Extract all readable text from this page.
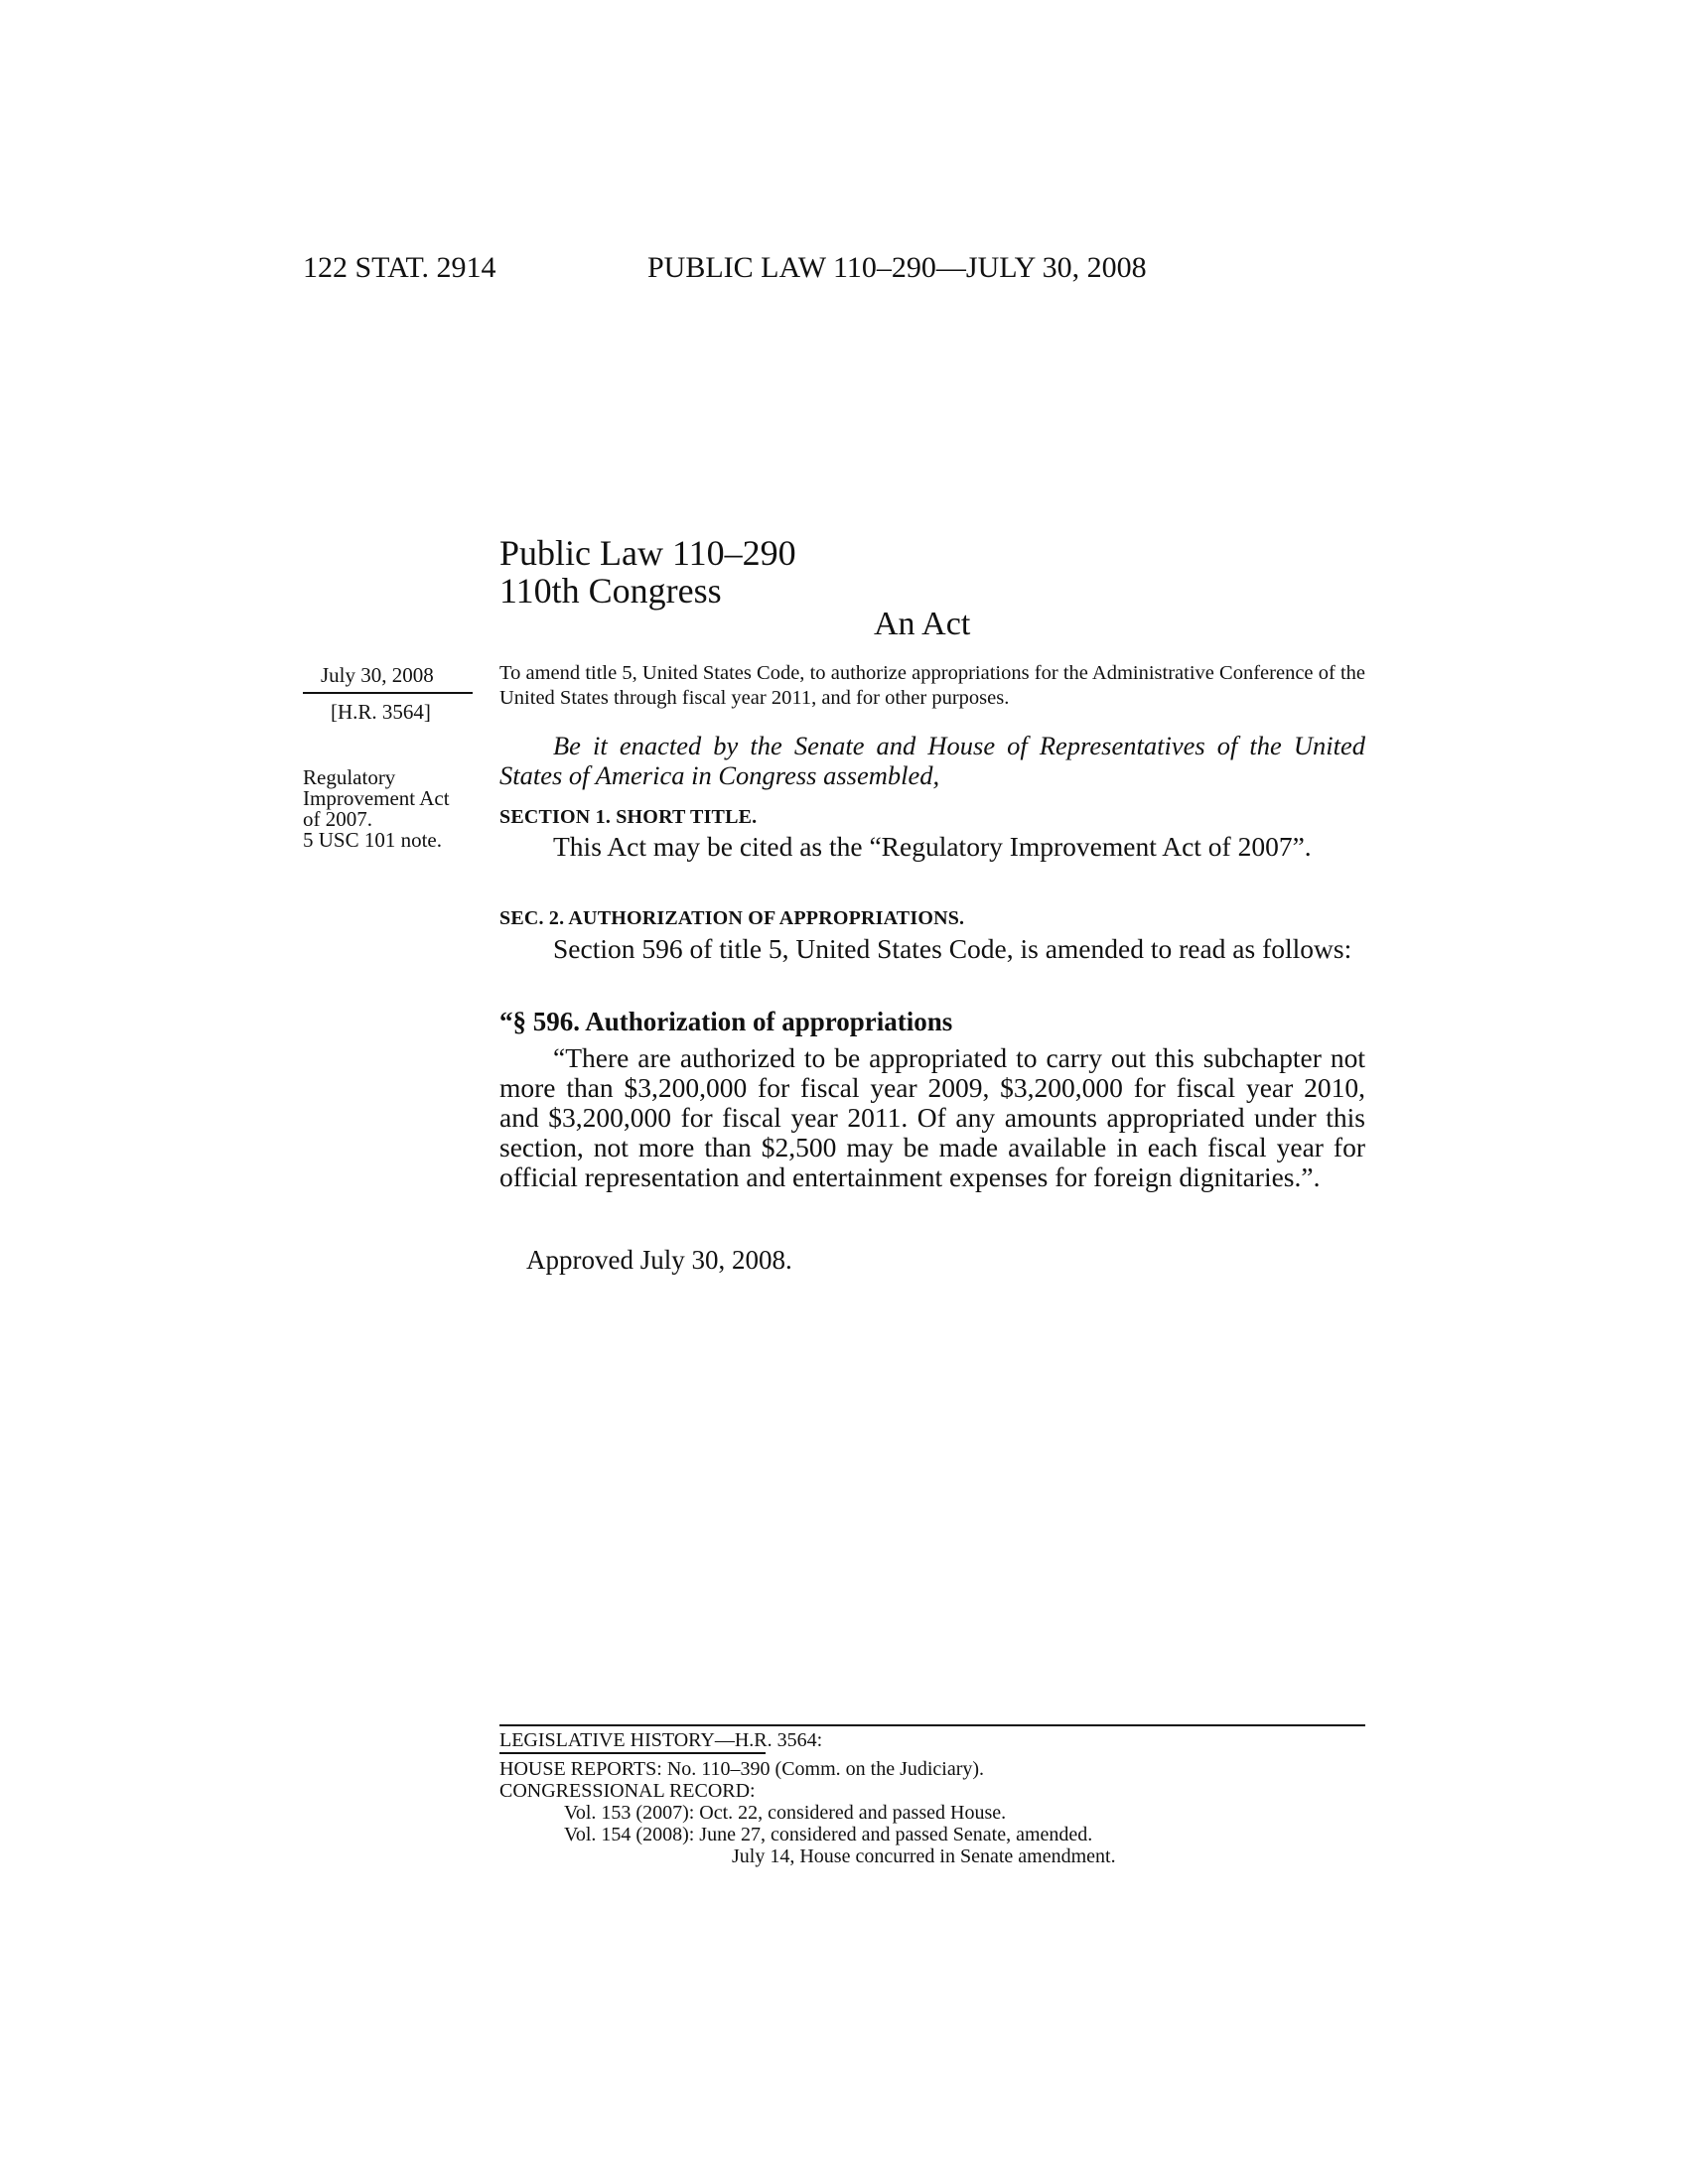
122 STAT. 2914	PUBLIC LAW 110–290—JULY 30, 2008
Public Law 110–290
110th Congress
An Act
July 30, 2008
[H.R. 3564]
Regulatory
Improvement Act
of 2007.
5 USC 101 note.
To amend title 5, United States Code, to authorize appropriations for the Administrative Conference of the United States through fiscal year 2011, and for other purposes.
Be it enacted by the Senate and House of Representatives of the United States of America in Congress assembled,
SECTION 1. SHORT TITLE.
This Act may be cited as the “Regulatory Improvement Act of 2007”.
SEC. 2. AUTHORIZATION OF APPROPRIATIONS.
Section 596 of title 5, United States Code, is amended to read as follows:
“§ 596. Authorization of appropriations
“There are authorized to be appropriated to carry out this subchapter not more than $3,200,000 for fiscal year 2009, $3,200,000 for fiscal year 2010, and $3,200,000 for fiscal year 2011. Of any amounts appropriated under this section, not more than $2,500 may be made available in each fiscal year for official representation and entertainment expenses for foreign dignitaries.”.
Approved July 30, 2008.
LEGISLATIVE HISTORY—H.R. 3564:
HOUSE REPORTS: No. 110–390 (Comm. on the Judiciary).
CONGRESSIONAL RECORD:
Vol. 153 (2007): Oct. 22, considered and passed House.
Vol. 154 (2008): June 27, considered and passed Senate, amended.
July 14, House concurred in Senate amendment.
